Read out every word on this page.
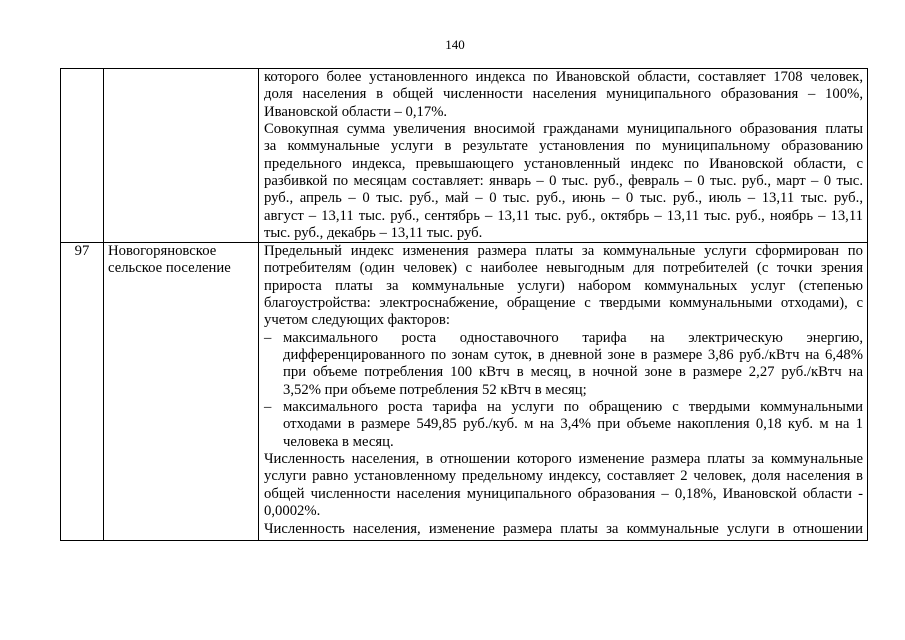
140
которого более установленного индекса по Ивановской области, составляет 1708 человек,
доля населения в общей численности населения муниципального образования – 100%,
Ивановской области – 0,17%.
Совокупная сумма увеличения вносимой гражданами муниципального образования платы
за коммунальные услуги в результате установления по муниципальному образованию
предельного индекса, превышающего установленный индекс по Ивановской области, с
разбивкой по месяцам составляет: январь – 0 тыс. руб., февраль – 0 тыс. руб., март – 0 тыс.
руб., апрель – 0 тыс. руб., май – 0 тыс. руб., июнь – 0 тыс. руб., июль – 13,11 тыс. руб.,
август – 13,11 тыс. руб., сентябрь – 13,11 тыс. руб., октябрь – 13,11 тыс. руб., ноябрь – 13,11
тыс. руб., декабрь – 13,11 тыс. руб.
97	Новогоряновское сельское поселение
Предельный индекс изменения размера платы за коммунальные услуги сформирован по
потребителям (один человек) с наиболее невыгодным для потребителей (с точки зрения
прироста платы за коммунальные услуги) набором коммунальных услуг (степенью
благоустройства: электроснабжение, обращение с твердыми коммунальными отходами), с
учетом следующих факторов:
– максимального роста одноставочного тарифа на электрическую энергию,
дифференцированного по зонам суток, в дневной зоне в размере 3,86 руб./кВтч на 6,48%
при объеме потребления 100 кВтч в месяц, в ночной зоне в размере 2,27 руб./кВтч на
3,52% при объеме потребления 52 кВтч в месяц;
– максимального роста тарифа на услуги по обращению с твердыми коммунальными
отходами в размере 549,85 руб./куб. м на 3,4% при объеме накопления 0,18 куб. м на 1
человека в месяц.
Численность населения, в отношении которого изменение размера платы за коммунальные
услуги равно установленному предельному индексу, составляет 2 человек, доля населения в
общей численности населения муниципального образования – 0,18%, Ивановской области -
0,0002%.
Численность населения, изменение размера платы за коммунальные услуги в отношении
